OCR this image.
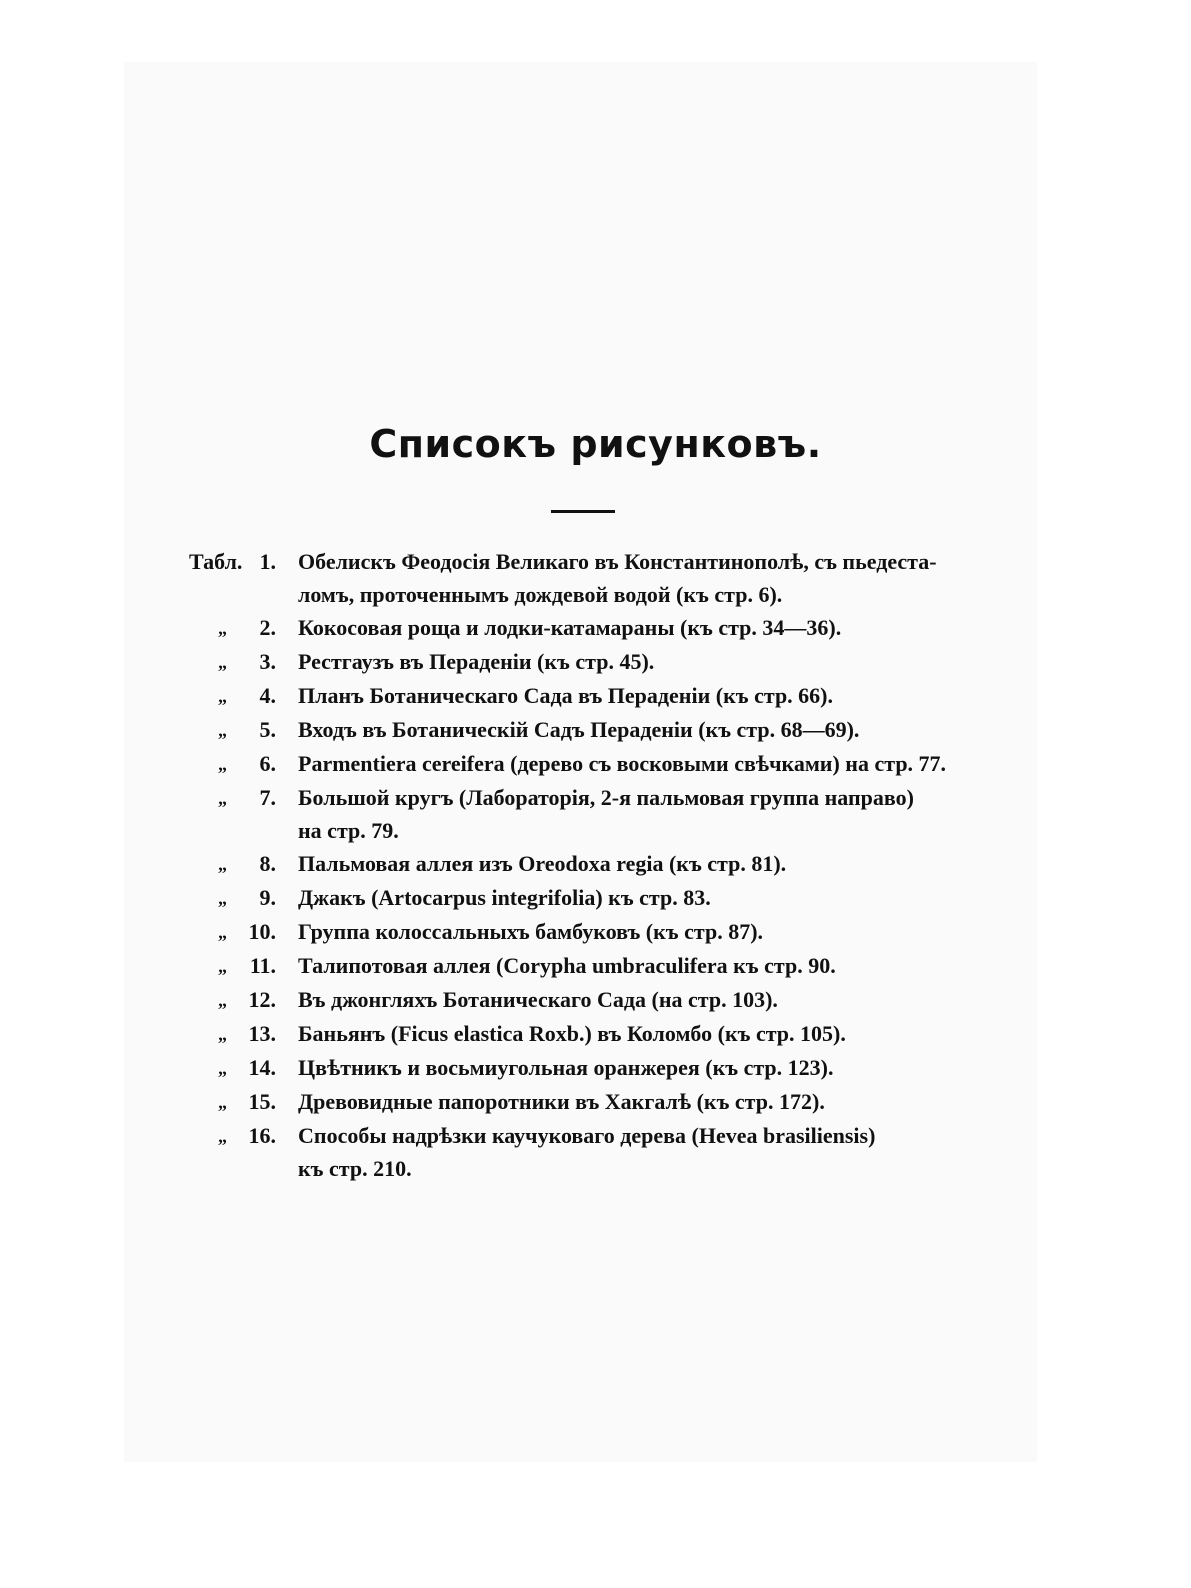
Списокъ рисунковъ.
Табл. 1. Обелискъ Феодосія Великаго въ Константинополѣ, съ пьедеста-
ломъ, проточеннымъ дождевой водой (къ стр. 6).
„ 2. Кокосовая роща и лодки-катамараны (къ стр. 34—36).
„ 3. Рестгаузъ въ Пераденіи (къ стр. 45).
„ 4. Планъ Ботаническаго Сада въ Пераденіи (къ стр. 66).
„ 5. Входъ въ Ботаническій Садъ Пераденіи (къ стр. 68—69).
„ 6. Parmentiera cereifera (дерево съ восковыми свѣчками) на стр. 77.
„ 7. Большой кругъ (Лабораторія, 2-я пальмовая группа направо)
на стр. 79.
„ 8. Пальмовая аллея изъ Oreodoxa regia (къ стр. 81).
„ 9. Джакъ (Artocarpus integrifolia) къ стр. 83.
„ 10. Группа колоссальныхъ бамбуковъ (къ стр. 87).
„ 11. Талипотовая аллея (Corypha umbraculifera къ стр. 90.
„ 12. Въ джонгляхъ Ботаническаго Сада (на стр. 103).
„ 13. Баньянъ (Ficus elastica Roxb.) въ Коломбо (къ стр. 105).
„ 14. Цвѣтникъ и восьмиугольная оранжерея (къ стр. 123).
„ 15. Древовидные папоротники въ Хакгалѣ (къ стр. 172).
„ 16. Способы надрѣзки каучуковаго дерева (Hevea brasiliensis)
къ стр. 210.
